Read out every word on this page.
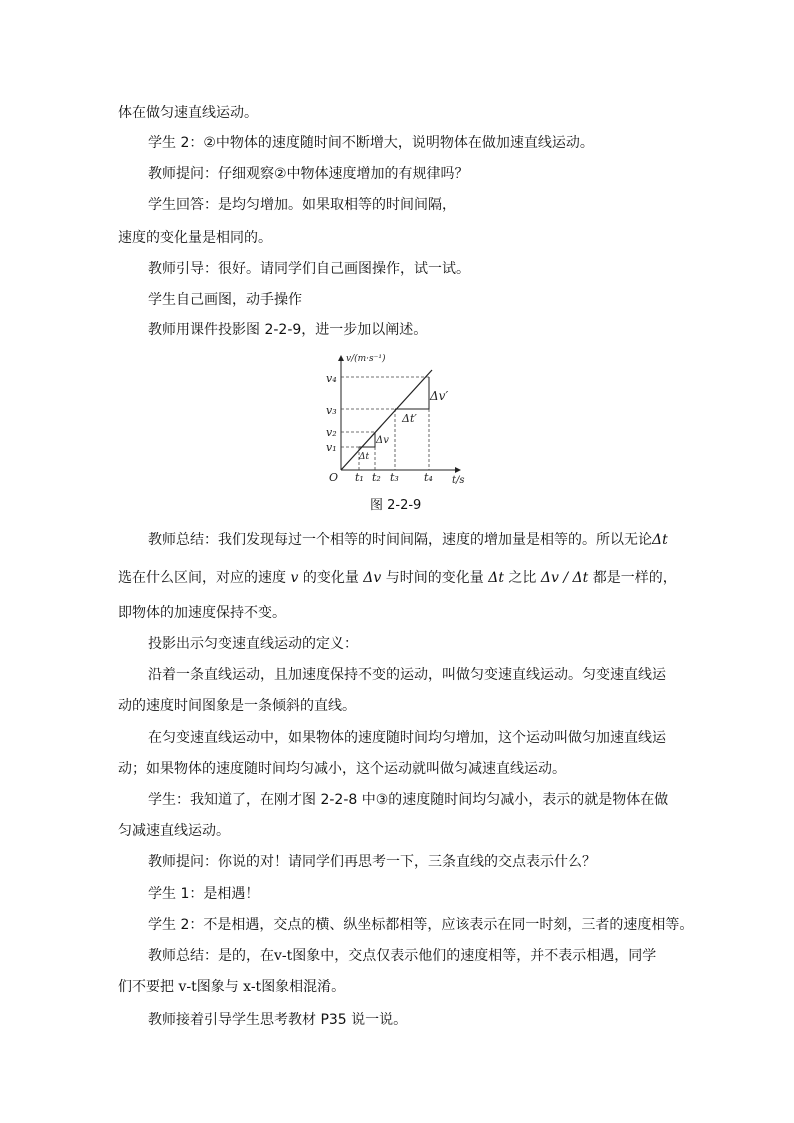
体在做匀速直线运动。
学生 2：②中物体的速度随时间不断增大，说明物体在做加速直线运动。
教师提问：仔细观察②中物体速度增加的有规律吗？
学生回答：是均匀增加。如果取相等的时间间隔，
速度的变化量是相同的。
教师引导：很好。请同学们自己画图操作，试一试。
学生自己画图，动手操作
教师用课件投影图 2-2-9，进一步加以阐述。
v/(m·s⁻¹)
t/s
O
v₄
v₃
v₂
v₁
t₁ t₂ t₃ t₄
Δt
Δv
Δt′
Δv′
图 2-2-9
教师总结：我们发现每过一个相等的时间间隔，速度的增加量是相等的。所以无论Δt
选在什么区间，对应的速度 v 的变化量 Δv 与时间的变化量 Δt 之比 Δv / Δt 都是一样的，
即物体的加速度保持不变。
投影出示匀变速直线运动的定义：
沿着一条直线运动，且加速度保持不变的运动，叫做匀变速直线运动。匀变速直线运
动的速度时间图象是一条倾斜的直线。
在匀变速直线运动中，如果物体的速度随时间均匀增加，这个运动叫做匀加速直线运
动；如果物体的速度随时间均匀减小，这个运动就叫做匀减速直线运动。
学生：我知道了，在刚才图 2-2-8 中③的速度随时间均匀减小，表示的就是物体在做
匀减速直线运动。
教师提问：你说的对！请同学们再思考一下，三条直线的交点表示什么？
学生 1：是相遇！
学生 2：不是相遇，交点的横、纵坐标都相等，应该表示在同一时刻，三者的速度相等。
教师总结：是的，在v-t图象中，交点仅表示他们的速度相等，并不表示相遇，同学
们不要把 v-t图象与 x-t图象相混淆。
教师接着引导学生思考教材 P35 说一说。
